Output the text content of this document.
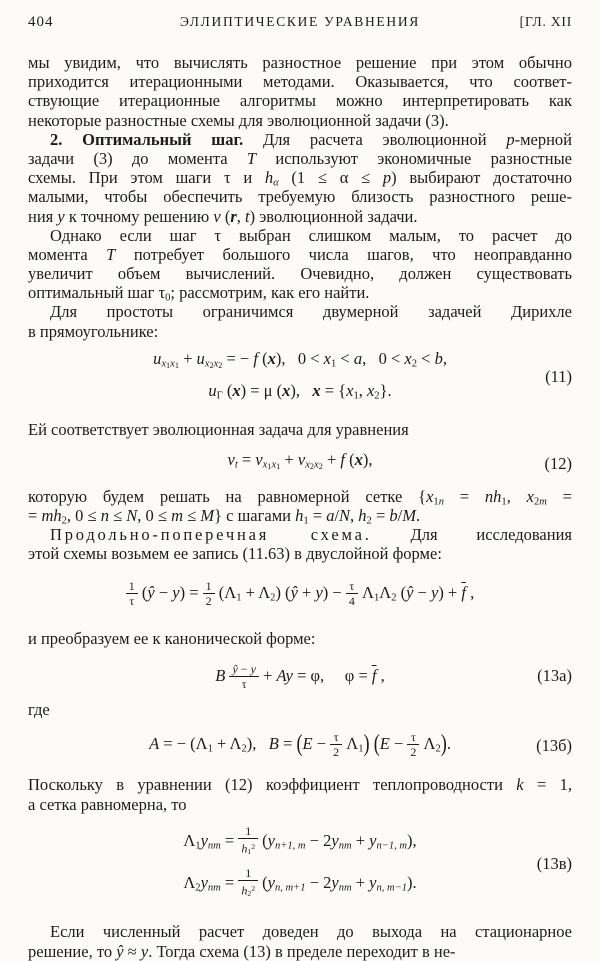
404	ЭЛЛИПТИЧЕСКИЕ УРАВНЕНИЯ	[ГЛ. XII
мы увидим, что вычислять разностное решение при этом обычно
приходится итерационными методами. Оказывается, что соответ-
ствующие итерационные алгоритмы можно интерпретировать как
некоторые разностные схемы для эволюционной задачи (3).
2. Оптимальный шаг. Для расчета эволюционной p-мерной
задачи (3) до момента T используют экономичные разностные
схемы. При этом шаги τ и hα (1 ≤ α ≤ p) выбирают достаточно
малыми, чтобы обеспечить требуемую близость разностного реше-
ния y к точному решению v (r, t) эволюционной задачи.
Однако если шаг τ выбран слишком малым, то расчет до
момента T потребует большого числа шагов, что неоправданно
увеличит объем вычислений. Очевидно, должен существовать
оптимальный шаг τ0; рассмотрим, как его найти.
Для простоты ограничимся двумерной задачей Дирихле
в прямоугольнике:
$ux_1x_1 + ux_2x_2$ = − f (x),   0 < x1 < a,   0 < x2 < b,
uΓ (x) = μ (x),   x = {x1, x2}.
(11)
Ей соответствует эволюционная задача для уравнения
vt = $vx_1x_1 + vx_2x_2 + f$ (x),	(12)
которую будем решать на равномерной сетке {x1n = nh1, x2m =
= mh2, 0 ≤ n ≤ N, 0 ≤ m ≤ M} с шагами h1 = a/N, h2 = b/M.
Продольно-поперечная схема. Для исследования
этой схемы возьмем ее запись (11.63) в двуслойной форме:
$\frac{1}{\tau}$ (ŷ − $y) = \frac{1}{2} (\Lambda 1 + \Lambda 2)$ (ŷ + $y) - \frac{\tau}{4} \Lambda 1\Lambda 2$ (ŷ − $y) + \overline{f}$ ,
и преобразуем ее к канонической форме:
B $\frac{ŷ - y}{\tau} + Ay = \varphi$,     $\varphi = \overline{f}$ ,	(13а)
где
A = − (Λ1 + Λ2),   $B = (E - \frac{\tau}{2} \Lambda 1)$ $(E - \frac{\tau}{2} \Lambda 2)$.	(13б)
Поскольку в уравнении (12) коэффициент теплопроводности k = 1,
а сетка равномерна, то
$\Lambda 1ynm = \frac{1}{h1^2} (yn+1$, m − 2ynm + yn−1, m),
$\Lambda 2ynm = \frac{1}{h2^2} (yn$, m+1 − 2ynm + yn, m−1).
(13в)
Если численный расчет доведен до выхода на стационарное
решение, то ŷ ≈ y. Тогда схема (13) в пределе переходит в не-
